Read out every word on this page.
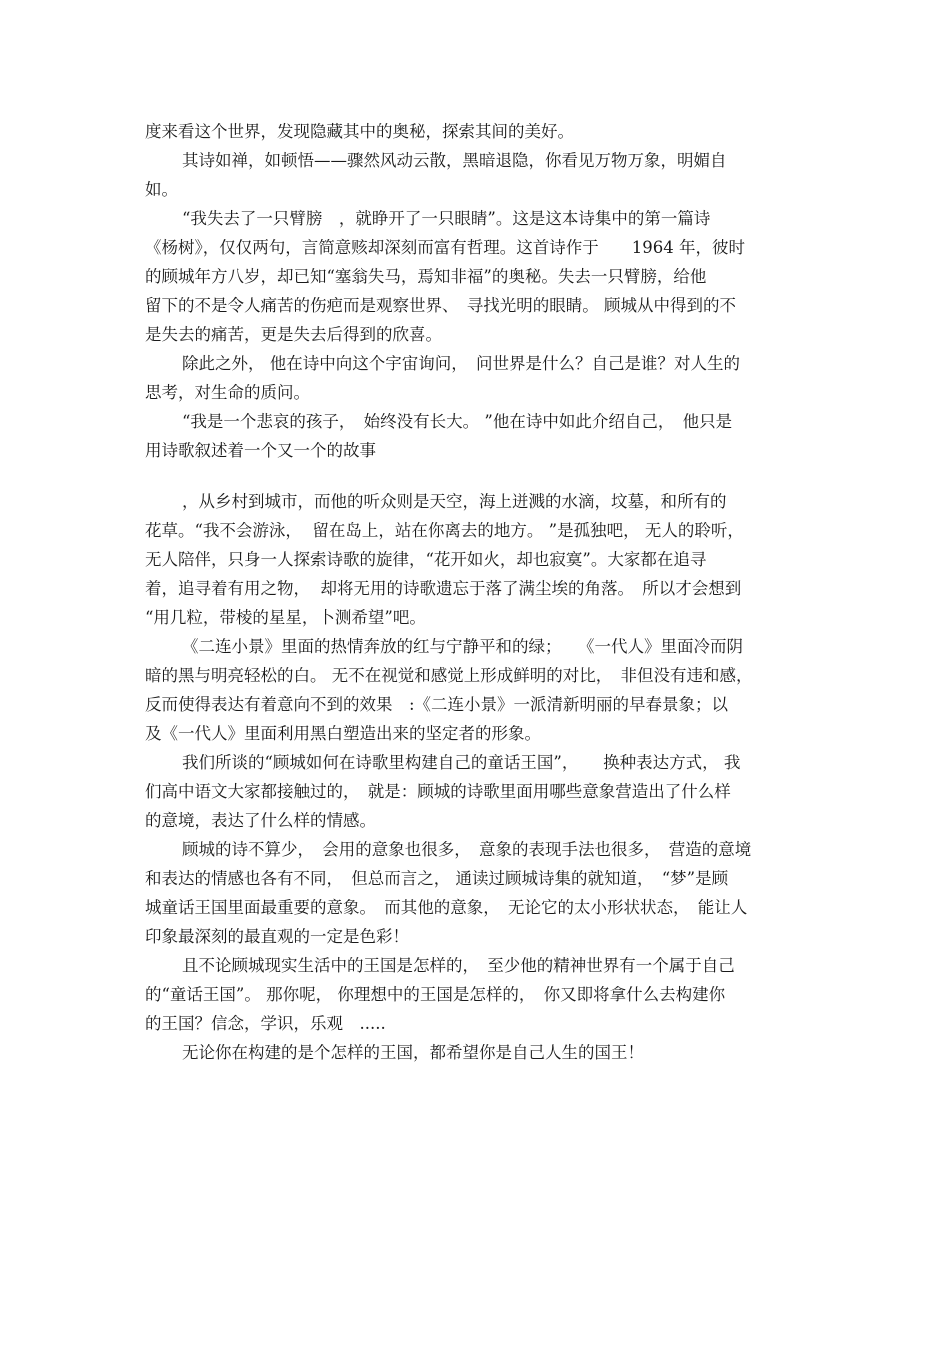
度来看这个世界，发现隐藏其中的奥秘，探索其间的美好。
其诗如禅，如顿悟——骤然风动云散，黑暗退隐，你看见万物万象，明媚自
如。
“我失去了一只臂膀　，就睁开了一只眼睛”。这是这本诗集中的第一篇诗
《杨树》，仅仅两句，言简意赅却深刻而富有哲理。这首诗作于　　1964 年，彼时
的顾城年方八岁，却已知“塞翁失马，焉知非福”的奥秘。失去一只臂膀，给他
留下的不是令人痛苦的伤疤而是观察世界、　寻找光明的眼睛。 顾城从中得到的不
是失去的痛苦，更是失去后得到的欣喜。
除此之外， 他在诗中向这个宇宙询问，　问世界是什么？自己是谁？对人生的
思考，对生命的质问。
“我是一个悲哀的孩子，　始终没有长大。 ”他在诗中如此介绍自己，　他只是
用诗歌叙述着一个又一个的故事
，从乡村到城市，而他的听众则是天空，海上迸溅的水滴，坟墓，和所有的
花草。“我不会游泳，  留在岛上，站在你离去的地方。 ”是孤独吧， 无人的聆听，
无人陪伴，只身一人探索诗歌的旋律，“花开如火，却也寂寞”。大家都在追寻
着，追寻着有用之物，  却将无用的诗歌遗忘于落了满尘埃的角落。　所以才会想到
“用几粒，带棱的星星，卜测希望”吧。
《二连小景》里面的热情奔放的红与宁静平和的绿；　　《一代人》里面冷而阴
暗的黑与明亮轻松的白。 无不在视觉和感觉上形成鲜明的对比，　非但没有违和感，
反而使得表达有着意向不到的效果　:《二连小景》一派清新明丽的早春景象；以
及《一代人》里面利用黑白塑造出来的坚定者的形象。
我们所谈的“顾城如何在诗歌里构建自己的童话王国”，　　换种表达方式， 我
们高中语文大家都接触过的，　就是：顾城的诗歌里面用哪些意象营造出了什么样
的意境，表达了什么样的情感。
顾城的诗不算少，　会用的意象也很多，　意象的表现手法也很多，　营造的意境
和表达的情感也各有不同，　但总而言之， 通读过顾城诗集的就知道，　“梦”是顾
城童话王国里面最重要的意象。　而其他的意象，　无论它的太小形状状态，　能让人
印象最深刻的最直观的一定是色彩！
且不论顾城现实生活中的王国是怎样的，　至少他的精神世界有一个属于自己
的“童话王国”。 那你呢， 你理想中的王国是怎样的，　你又即将拿什么去构建你
的王国？信念，学识，乐观　.....
无论你在构建的是个怎样的王国，都希望你是自己人生的国王！
